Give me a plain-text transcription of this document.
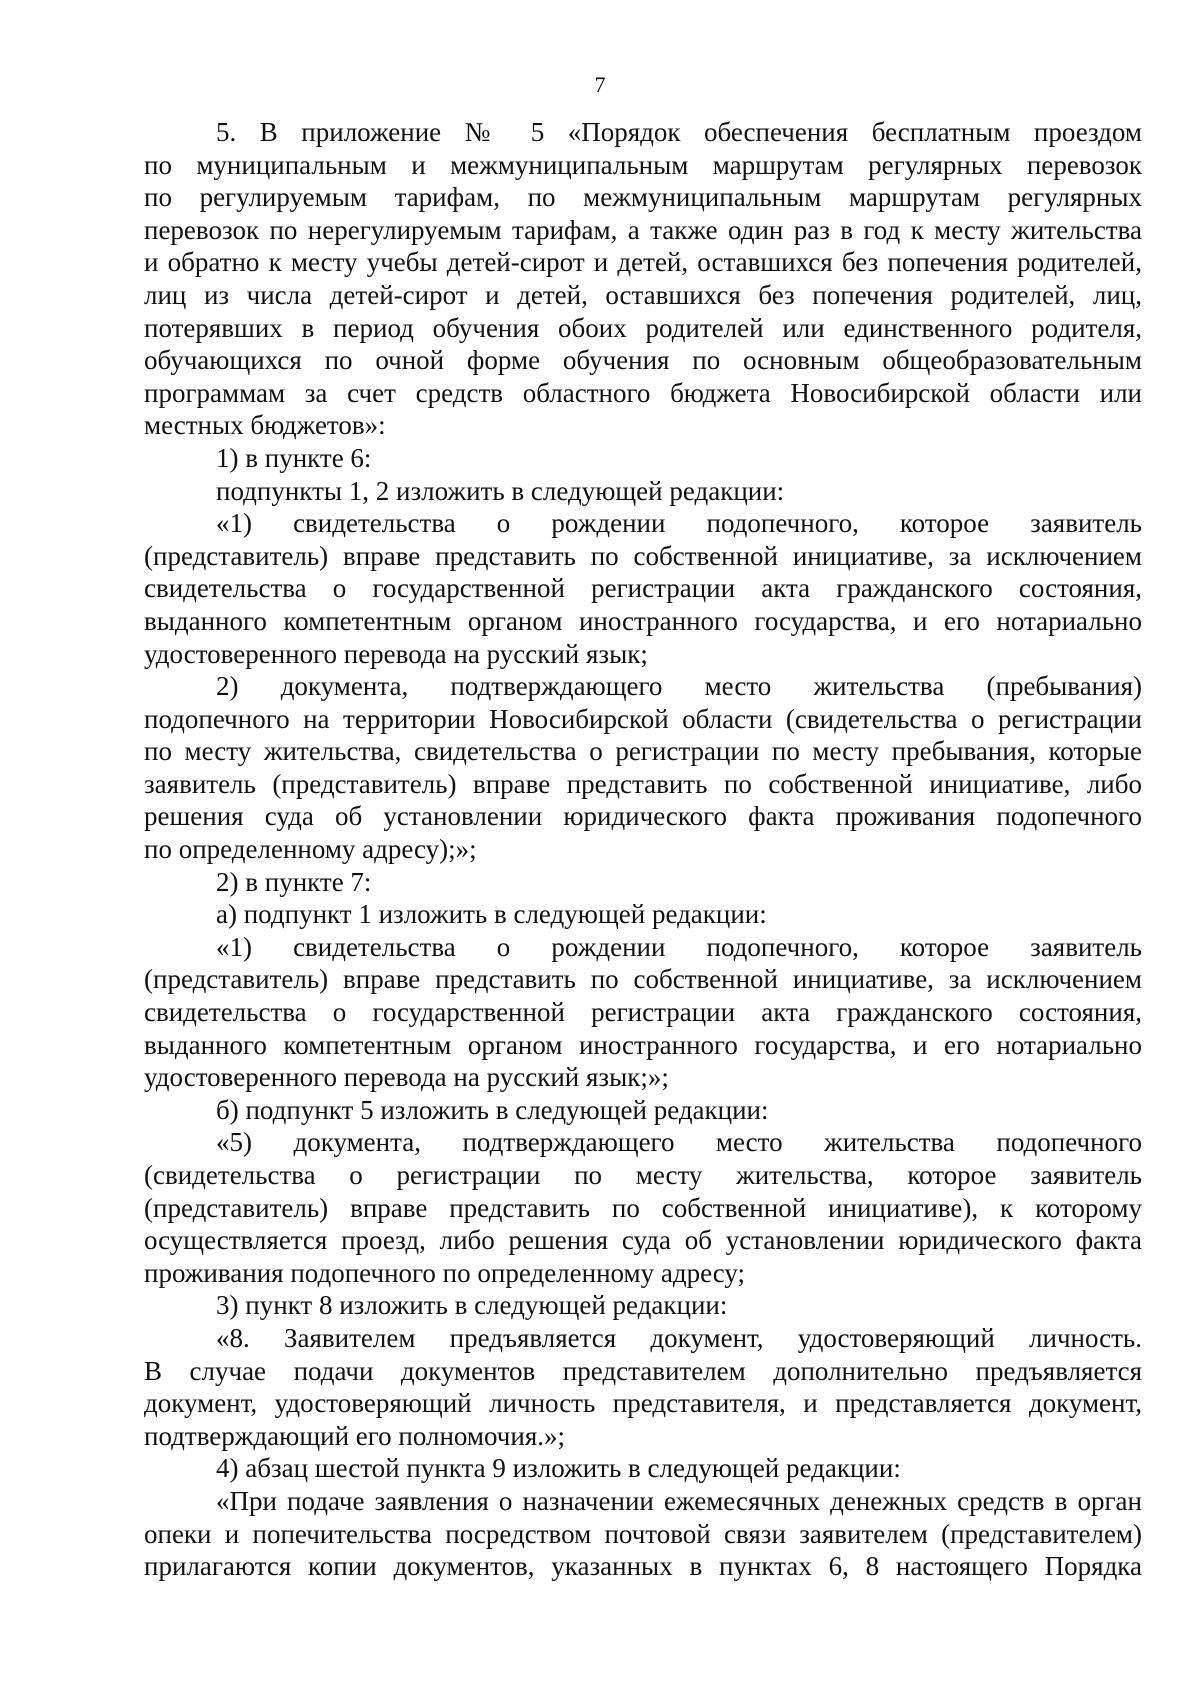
7

5. В приложение № 5 «Порядок обеспечения бесплатным проездом

по муниципальным и межмуниципальным маршрутам регулярных перевозок

по регулируемым тарифам, по межмуниципальным маршрутам регулярных

перевозок по нерегулируемым тарифам, а также один раз в год к месту жительства

и обратно к месту учебы детей-сирот и детей, оставшихся без попечения родителей,

лиц из числа детей-сирот и детей, оставшихся без попечения родителей, лиц,

потерявших в период обучения обоих родителей или единственного родителя,

обучающихся по очной форме обучения по основным общеобразовательным

программам за счет средств областного бюджета Новосибирской области или

местных бюджетов»:

1) в пункте 6:

подпункты 1, 2 изложить в следующей редакции:

«1) свидетельства о рождении подопечного, которое заявитель

(представитель) вправе представить по собственной инициативе, за исключением

свидетельства о государственной регистрации акта гражданского состояния,

выданного компетентным органом иностранного государства, и его нотариально

удостоверенного перевода на русский язык;

2) документа, подтверждающего место жительства (пребывания)

подопечного на территории Новосибирской области (свидетельства о регистрации

по месту жительства, свидетельства о регистрации по месту пребывания, которые

заявитель (представитель) вправе представить по собственной инициативе, либо

решения суда об установлении юридического факта проживания подопечного

по определенному адресу);»;

2) в пункте 7:

а) подпункт 1 изложить в следующей редакции:

«1) свидетельства о рождении подопечного, которое заявитель

(представитель) вправе представить по собственной инициативе, за исключением

свидетельства о государственной регистрации акта гражданского состояния,

выданного компетентным органом иностранного государства, и его нотариально

удостоверенного перевода на русский язык;»;

б) подпункт 5 изложить в следующей редакции:

«5) документа, подтверждающего место жительства подопечного

(свидетельства о регистрации по месту жительства, которое заявитель

(представитель) вправе представить по собственной инициативе), к которому

осуществляется проезд, либо решения суда об установлении юридического факта

проживания подопечного по определенному адресу;

3) пункт 8 изложить в следующей редакции:

«8. Заявителем предъявляется документ, удостоверяющий личность.

В случае подачи документов представителем дополнительно предъявляется

документ, удостоверяющий личность представителя, и представляется документ,

подтверждающий его полномочия.»;

4) абзац шестой пункта 9 изложить в следующей редакции:

«При подаче заявления о назначении ежемесячных денежных средств в орган

опеки и попечительства посредством почтовой связи заявителем (представителем)

прилагаются копии документов, указанных в пунктах 6, 8 настоящего Порядка
